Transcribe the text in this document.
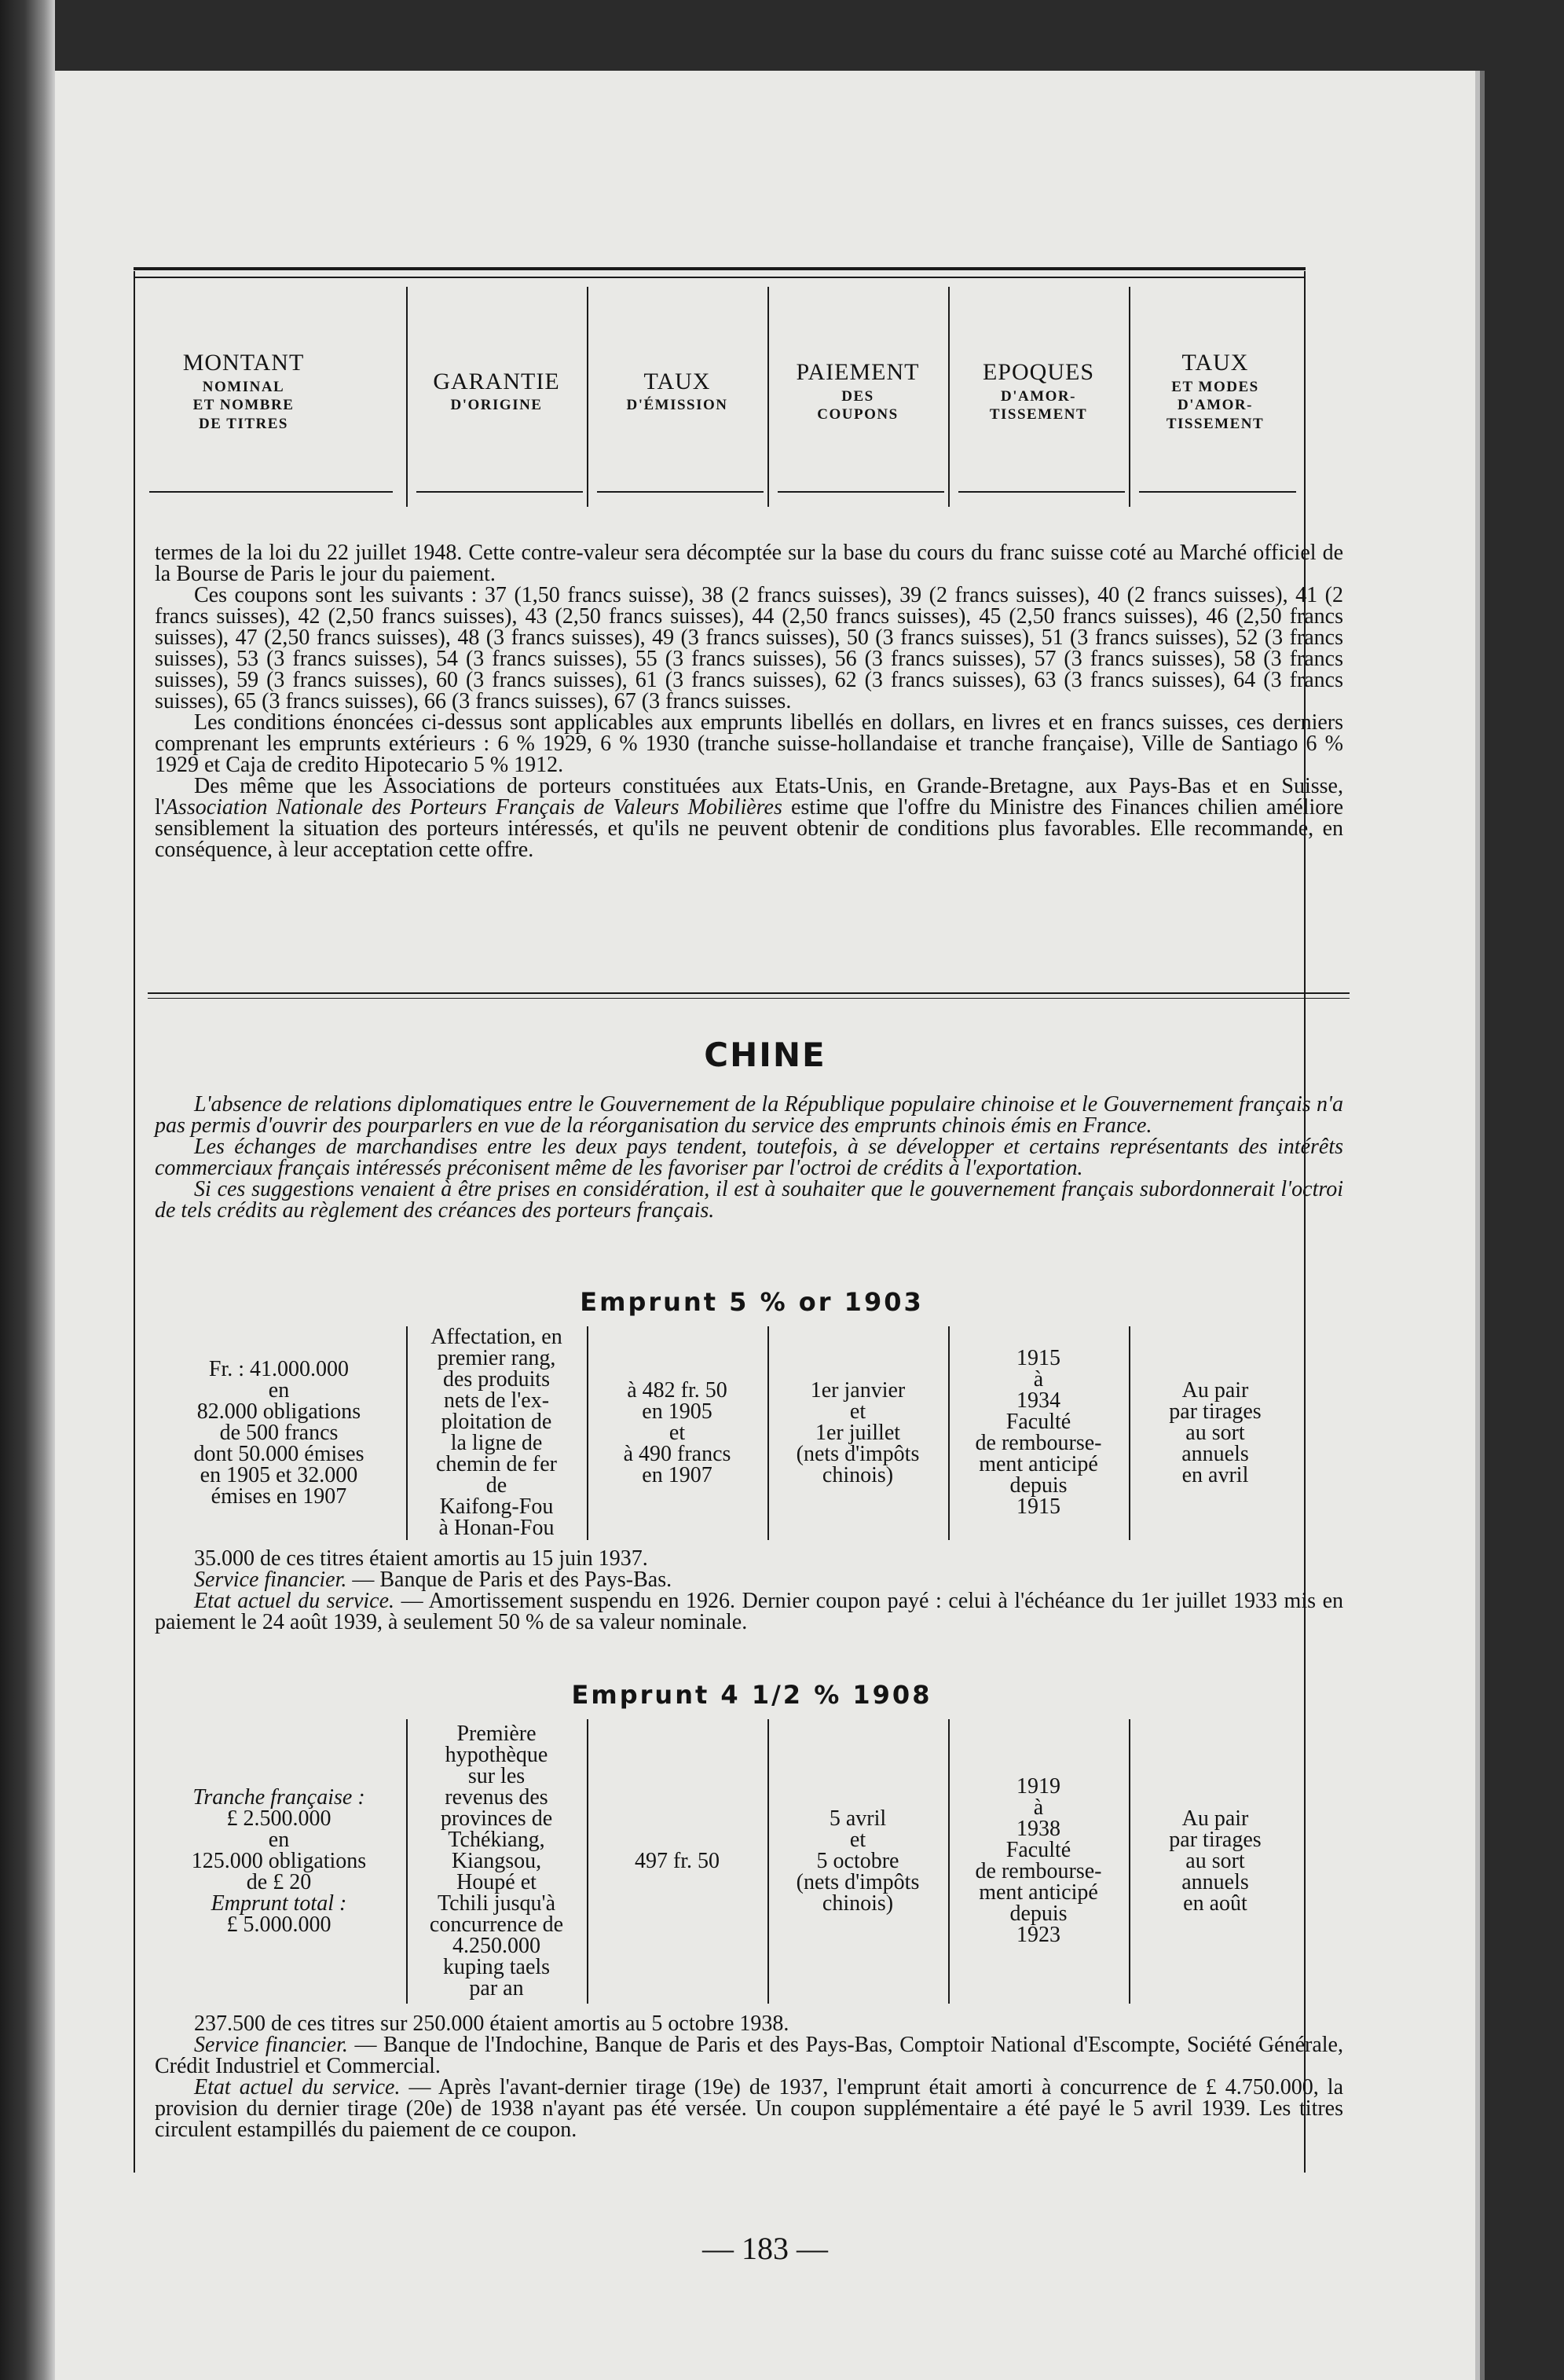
MONTANT
NOMINAL
ET NOMBRE
DE TITRES
GARANTIE
D'ORIGINE
TAUX
D'ÉMISSION
PAIEMENT
DES
COUPONS
EPOQUES
D'AMOR-
TISSEMENT
TAUX
ET MODES
D'AMOR-
TISSEMENT

termes de la loi du 22 juillet 1948. Cette contre-valeur sera décomptée sur la base du cours du franc suisse coté au Marché officiel de la Bourse de Paris le jour du paiement.

Ces coupons sont les suivants : 37 (1,50 francs suisse), 38 (2 francs suisses), 39 (2 francs suisses), 40 (2 francs suisses), 41 (2 francs suisses), 42 (2,50 francs suisses), 43 (2,50 francs suisses), 44 (2,50 francs suisses), 45 (2,50 francs suisses), 46 (2,50 francs suisses), 47 (2,50 francs suisses), 48 (3 francs suisses), 49 (3 francs suisses), 50 (3 francs suisses), 51 (3 francs suisses), 52 (3 francs suisses), 53 (3 francs suisses), 54 (3 francs suisses), 55 (3 francs suisses), 56 (3 francs suisses), 57 (3 francs suisses), 58 (3 francs suisses), 59 (3 francs suisses), 60 (3 francs suisses), 61 (3 francs suisses), 62 (3 francs suisses), 63 (3 francs suisses), 64 (3 francs suisses), 65 (3 francs suisses), 66 (3 francs suisses), 67 (3 francs suisses.

Les conditions énoncées ci-dessus sont applicables aux emprunts libellés en dollars, en livres et en francs suisses, ces derniers comprenant les emprunts extérieurs : 6 % 1929, 6 % 1930 (tranche suisse-hollandaise et tranche française), Ville de Santiago 6 % 1929 et Caja de credito Hipotecario 5 % 1912.

Des même que les Associations de porteurs constituées aux Etats-Unis, en Grande-Bretagne, aux Pays-Bas et en Suisse, l'Association Nationale des Porteurs Français de Valeurs Mobilières estime que l'offre du Ministre des Finances chilien améliore sensiblement la situation des porteurs intéressés, et qu'ils ne peuvent obtenir de conditions plus favorables. Elle recommande, en conséquence, à leur acceptation cette offre.

CHINE

L'absence de relations diplomatiques entre le Gouvernement de la République populaire chinoise et le Gouvernement français n'a pas permis d'ouvrir des pourparlers en vue de la réorganisation du service des emprunts chinois émis en France.

Les échanges de marchandises entre les deux pays tendent, toutefois, à se développer et certains représentants des intérêts commerciaux français intéressés préconisent même de les favoriser par l'octroi de crédits à l'exportation.

Si ces suggestions venaient à être prises en considération, il est à souhaiter que le gouvernement français subordonnerait l'octroi de tels crédits au règlement des créances des porteurs français.

Emprunt 5 % or 1903
Fr. : 41.000.000
en
82.000 obligations
de 500 francs
dont 50.000 émises
en 1905 et 32.000
émises en 1907
Affectation, en
premier rang,
des produits
nets de l'ex-
ploitation de
la ligne de
chemin de fer
de
Kaifong-Fou
à Honan-Fou
à 482 fr. 50
en 1905
et
à 490 francs
en 1907
1er janvier
et
1er juillet
(nets d'impôts
chinois)
1915
à
1934
Faculté
de rembourse-
ment anticipé
depuis
1915
Au pair
par tirages
au sort
annuels
en avril

35.000 de ces titres étaient amortis au 15 juin 1937.

Service financier. — Banque de Paris et des Pays-Bas.

Etat actuel du service. — Amortissement suspendu en 1926. Dernier coupon payé : celui à l'échéance du 1er juillet 1933 mis en paiement le 24 août 1939, à seulement 50 % de sa valeur nominale.

Emprunt 4 1/2 % 1908
Tranche française :
£ 2.500.000
en
125.000 obligations
de £ 20
Emprunt total :
£ 5.000.000
Première
hypothèque
sur les
revenus des
provinces de
Tchékiang,
Kiangsou,
Houpé et
Tchili jusqu'à
concurrence de
4.250.000
kuping taels
par an
497 fr. 50
5 avril
et
5 octobre
(nets d'impôts
chinois)
1919
à
1938
Faculté
de rembourse-
ment anticipé
depuis
1923
Au pair
par tirages
au sort
annuels
en août

237.500 de ces titres sur 250.000 étaient amortis au 5 octobre 1938.

Service financier. — Banque de l'Indochine, Banque de Paris et des Pays-Bas, Comptoir National d'Escompte, Société Générale, Crédit Industriel et Commercial.

Etat actuel du service. — Après l'avant-dernier tirage (19e) de 1937, l'emprunt était amorti à concurrence de £ 4.750.000, la provision du dernier tirage (20e) de 1938 n'ayant pas été versée. Un coupon supplémentaire a été payé le 5 avril 1939. Les titres circulent estampillés du paiement de ce coupon.

— 183 —
